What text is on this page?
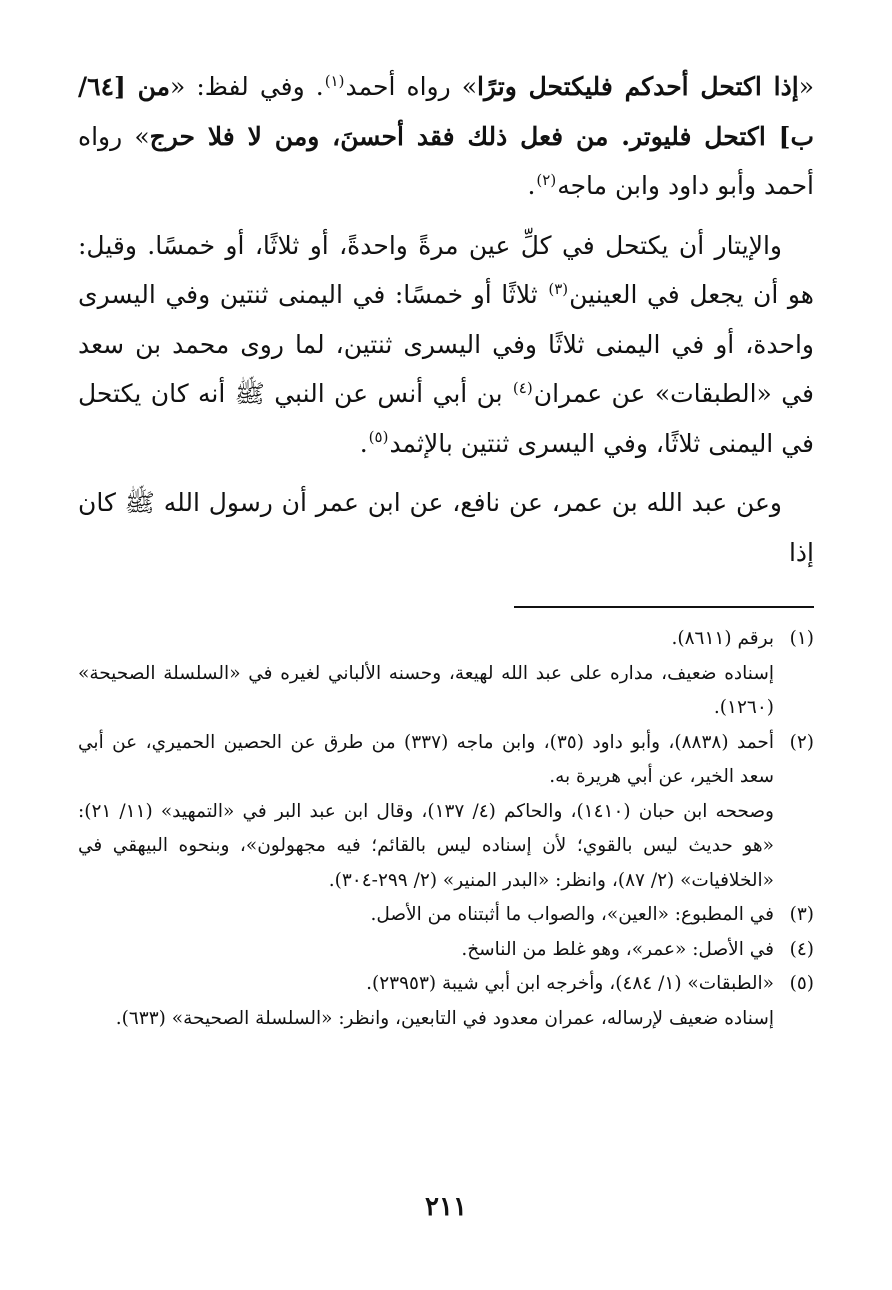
«إذا اكتحل أحدكم فليكتحل وترًا» رواه أحمد$^{(١)}$. وفي لفظ: «من [٦٤/ ب] اكتحل فليوتر. من فعل ذلك فقد أحسنَ، ومن لا فلا حرج» رواه أحمد وأبو داود وابن ماجه$^{(٢)}$.

والإيتار أن يكتحل في كلِّ عين مرةً واحدةً، أو ثلاثًا، أو خمسًا. وقيل: هو أن يجعل في العينين$^{(٣)}$ ثلاثًا أو خمسًا: في اليمنى ثنتين وفي اليسرى واحدة، أو في اليمنى ثلاثًا وفي اليسرى ثنتين، لما روى محمد بن سعد في «الطبقات» عن عمران$^{(٤)}$ بن أبي أنس عن النبي ﷺ أنه كان يكتحل في اليمنى ثلاثًا، وفي اليسرى ثنتين بالإثمد$^{(٥)}$.

وعن عبد الله بن عمر، عن نافع، عن ابن عمر أن رسول الله ﷺ كان إذا

(١)

برقم (٨٦١١).

إسناده ضعيف، مداره على عبد الله لهيعة، وحسنه الألباني لغيره في «السلسلة الصحيحة» (١٢٦٠).

(٢)

أحمد (٨٨٣٨)، وأبو داود (٣٥)، وابن ماجه (٣٣٧) من طرق عن الحصين الحميري، عن أبي سعد الخير، عن أبي هريرة به.

وصححه ابن حبان (١٤١٠)، والحاكم (٤/ ١٣٧)، وقال ابن عبد البر في «التمهيد» (١١/ ٢١): «هو حديث ليس بالقوي؛ لأن إسناده ليس بالقائم؛ فيه مجهولون»، وبنحوه البيهقي في «الخلافيات» (٢/ ٨٧)، وانظر: «البدر المنير» (٢/ ٢٩٩-٣٠٤).

(٣)

في المطبوع: «العين»، والصواب ما أثبتناه من الأصل.

(٤)

في الأصل: «عمر»، وهو غلط من الناسخ.

(٥)

«الطبقات» (١/ ٤٨٤)، وأخرجه ابن أبي شيبة (٢٣٩٥٣).

إسناده ضعيف لإرساله، عمران معدود في التابعين، وانظر: «السلسلة الصحيحة» (٦٣٣).

٢١١
